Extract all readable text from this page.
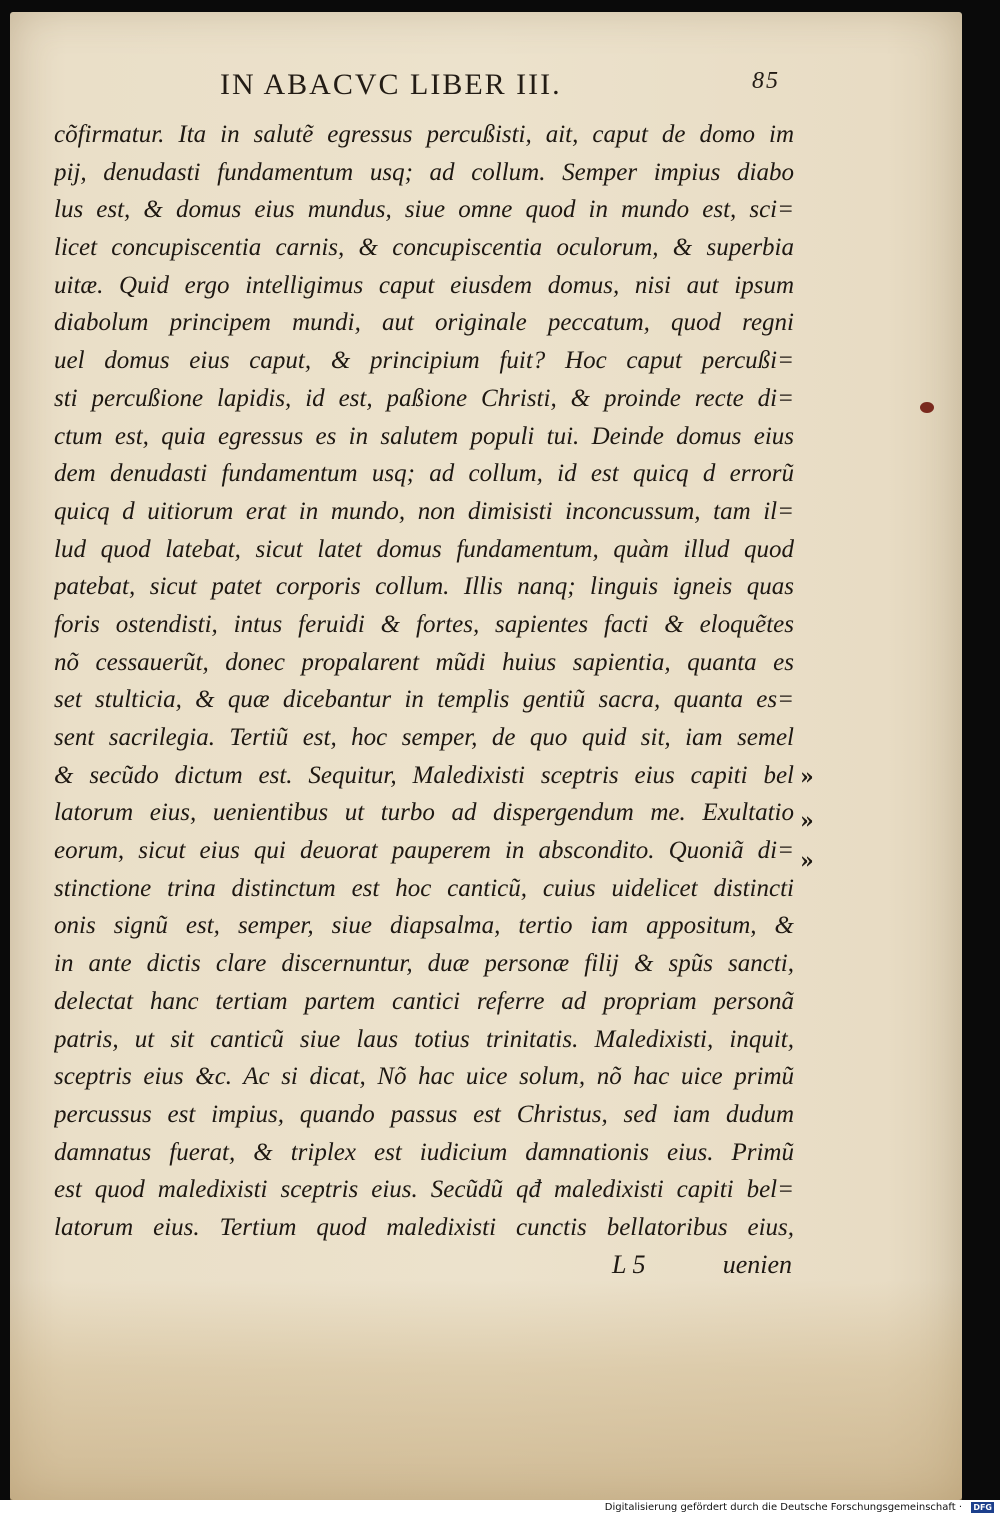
IN ABACVC LIBER III.	85
cõfirmatur. Ita in salutẽ egressus percußisti, ait, caput de domo im
pij, denudasti fundamentum usq; ad collum. Semper impius diabo
lus est, & domus eius mundus, siue omne quod in mundo est, sci=
licet concupiscentia carnis, & concupiscentia oculorum, & superbia
uitæ. Quid ergo intelligimus caput eiusdem domus, nisi aut ipsum
diabolum principem mundi, aut originale peccatum, quod regni
uel domus eius caput, & principium fuit? Hoc caput percußi=
sti percußione lapidis, id est, paßione Christi, & proinde recte di=
ctum est, quia egressus es in salutem populi tui. Deinde domus eius
dem denudasti fundamentum usq; ad collum, id est quicq d errorũ
quicq d uitiorum erat in mundo, non dimisisti inconcussum, tam il=
lud quod latebat, sicut latet domus fundamentum, quàm illud quod
patebat, sicut patet corporis collum. Illis nanq; linguis igneis quas
foris ostendisti, intus feruidi & fortes, sapientes facti & eloquẽtes
nõ cessauerũt, donec propalarent mũdi huius sapientia, quanta es
set stulticia, & quæ dicebantur in templis gentiũ sacra, quanta es=
sent sacrilegia. Tertiũ est, hoc semper, de quo quid sit, iam semel
& secũdo dictum est. Sequitur, Maledixisti sceptris eius capiti bel
latorum eius, uenientibus ut turbo ad dispergendum me. Exultatio
eorum, sicut eius qui deuorat pauperem in abscondito. Quoniã di=
stinctione trina distinctum est hoc canticũ, cuius uidelicet distincti
onis signũ est, semper, siue diapsalma, tertio iam appositum, &
in ante dictis clare discernuntur, duæ personæ filij & spũs sancti,
delectat hanc tertiam partem cantici referre ad propriam personã
patris, ut sit canticũ siue laus totius trinitatis. Maledixisti, inquit,
sceptris eius &c. Ac si dicat, Nõ hac uice solum, nõ hac uice primũ
percussus est impius, quando passus est Christus, sed iam dudum
damnatus fuerat, & triplex est iudicium damnationis eius. Primũ
est quod maledixisti sceptris eius. Secũdũ qđ maledixisti capiti bel=
latorum eius. Tertium quod maledixisti cunctis bellatoribus eius,
»
»
»
L 5	uenien
Digitalisierung gefördert durch die Deutsche Forschungsgemeinschaft · DFG
